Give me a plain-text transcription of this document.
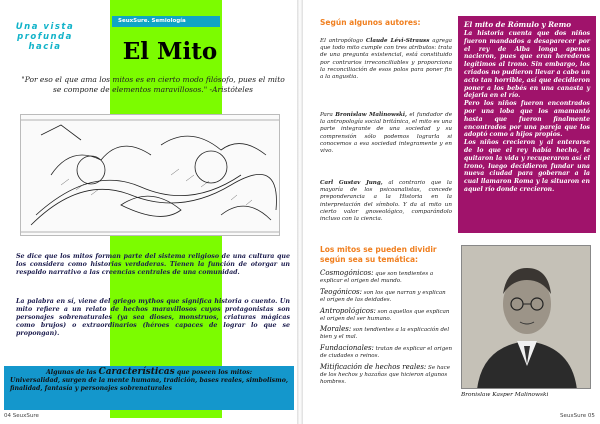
SeuxSure. Semiología
Una vista profunda hacia	El Mito
"Por eso el que ama los mitos es en cierto modo filósofo, pues el mito se compone de elementos maravillosos." -Aristóteles
Se dice que los mitos forman parte del sistema religioso de una cultura que los considera como historias verdaderas. Tienen la función de otorgar un respaldo narrativo a las creencias centrales de una comunidad.
La palabra en sí, viene del griego mythos que significa historia o cuento. Un mito refiere a un relato de hechos maravillosos cuyos protagonistas son personajes sobrenaturales (ya sea dioses, monstruos, criaturas mágicas como brujos) o extraordinarios (héroes capaces de lograr lo que se propongan).
Algunas de las Características que poseen los mitos:
Universalidad, surgen de la mente humana, tradición, bases reales, simbolismo, finalidad, fantasía y personajes sobrenaturales
04 SeuxSure
Según algunos autores:
El antropólogo Claude Lévi-Strauss agrega que todo mito cumple con tres atributos: trata de una pregunta existencial, está constituido por contrarios irreconciliables y proporciona la reconciliación de esos polos para poner fin a la angustia.
Para Bronislaw Malinowski, el fundador de la antropología social británica, el mito es una parte integrante de una sociedad y su comprensión sólo podemos lograrla si conocemos a esa sociedad integramente y en vivo.
Carl Gustav Jung, al contrario que la mayoría de los psicoanalistas, concede preponderancia a la Historia en la interpretación del símbolo. Y da al mito un cierto valor gnoseológico, comparándolo incluso con la ciencia.
El mito de Rómulo y Remo

La historia cuenta que dos niños fueron mandados a desaparecer por el rey de Alba longa apenas nacieron, pues que eran herederos legítimos al trono. Sin embargo, los criados no pudieron llevar a cabo un acto tan horrible, así que decidieron poner a los bebés en una canasta y dejarla en el río.

Pero los niños fueron encontrados por una loba que los amamantó hasta que fueron finalmente encontrados por una pareja que los adoptó como a hijos propios.

Los niños crecieron y al enterarse de lo que el rey había hecho, le quitaron la vida y recuperaron así el trono, luego decidieron fundar una nueva ciudad para gobernar a la cual llamaron Roma y la situaron en aquel río donde crecieron.

Los mitos se pueden dividir según sea su temática:
Cosmogónicos: que son tendientes a explicar el origen del mundo.
Teogónicos: son los que narran y explican el origen de las deidades.
Antropológicos: son aquellos que explican el origen del ser humano.
Morales: son tendientes a la explicación del bien y el mal.
Fundacionales: tratan de explicar el origen de ciudades o reinos.
Mitificación de hechos reales: Se hace de los hechos y hazañas que hicieron algunos hombres.
Bronislaw Kasper Malinowski
SeuxSure 05
